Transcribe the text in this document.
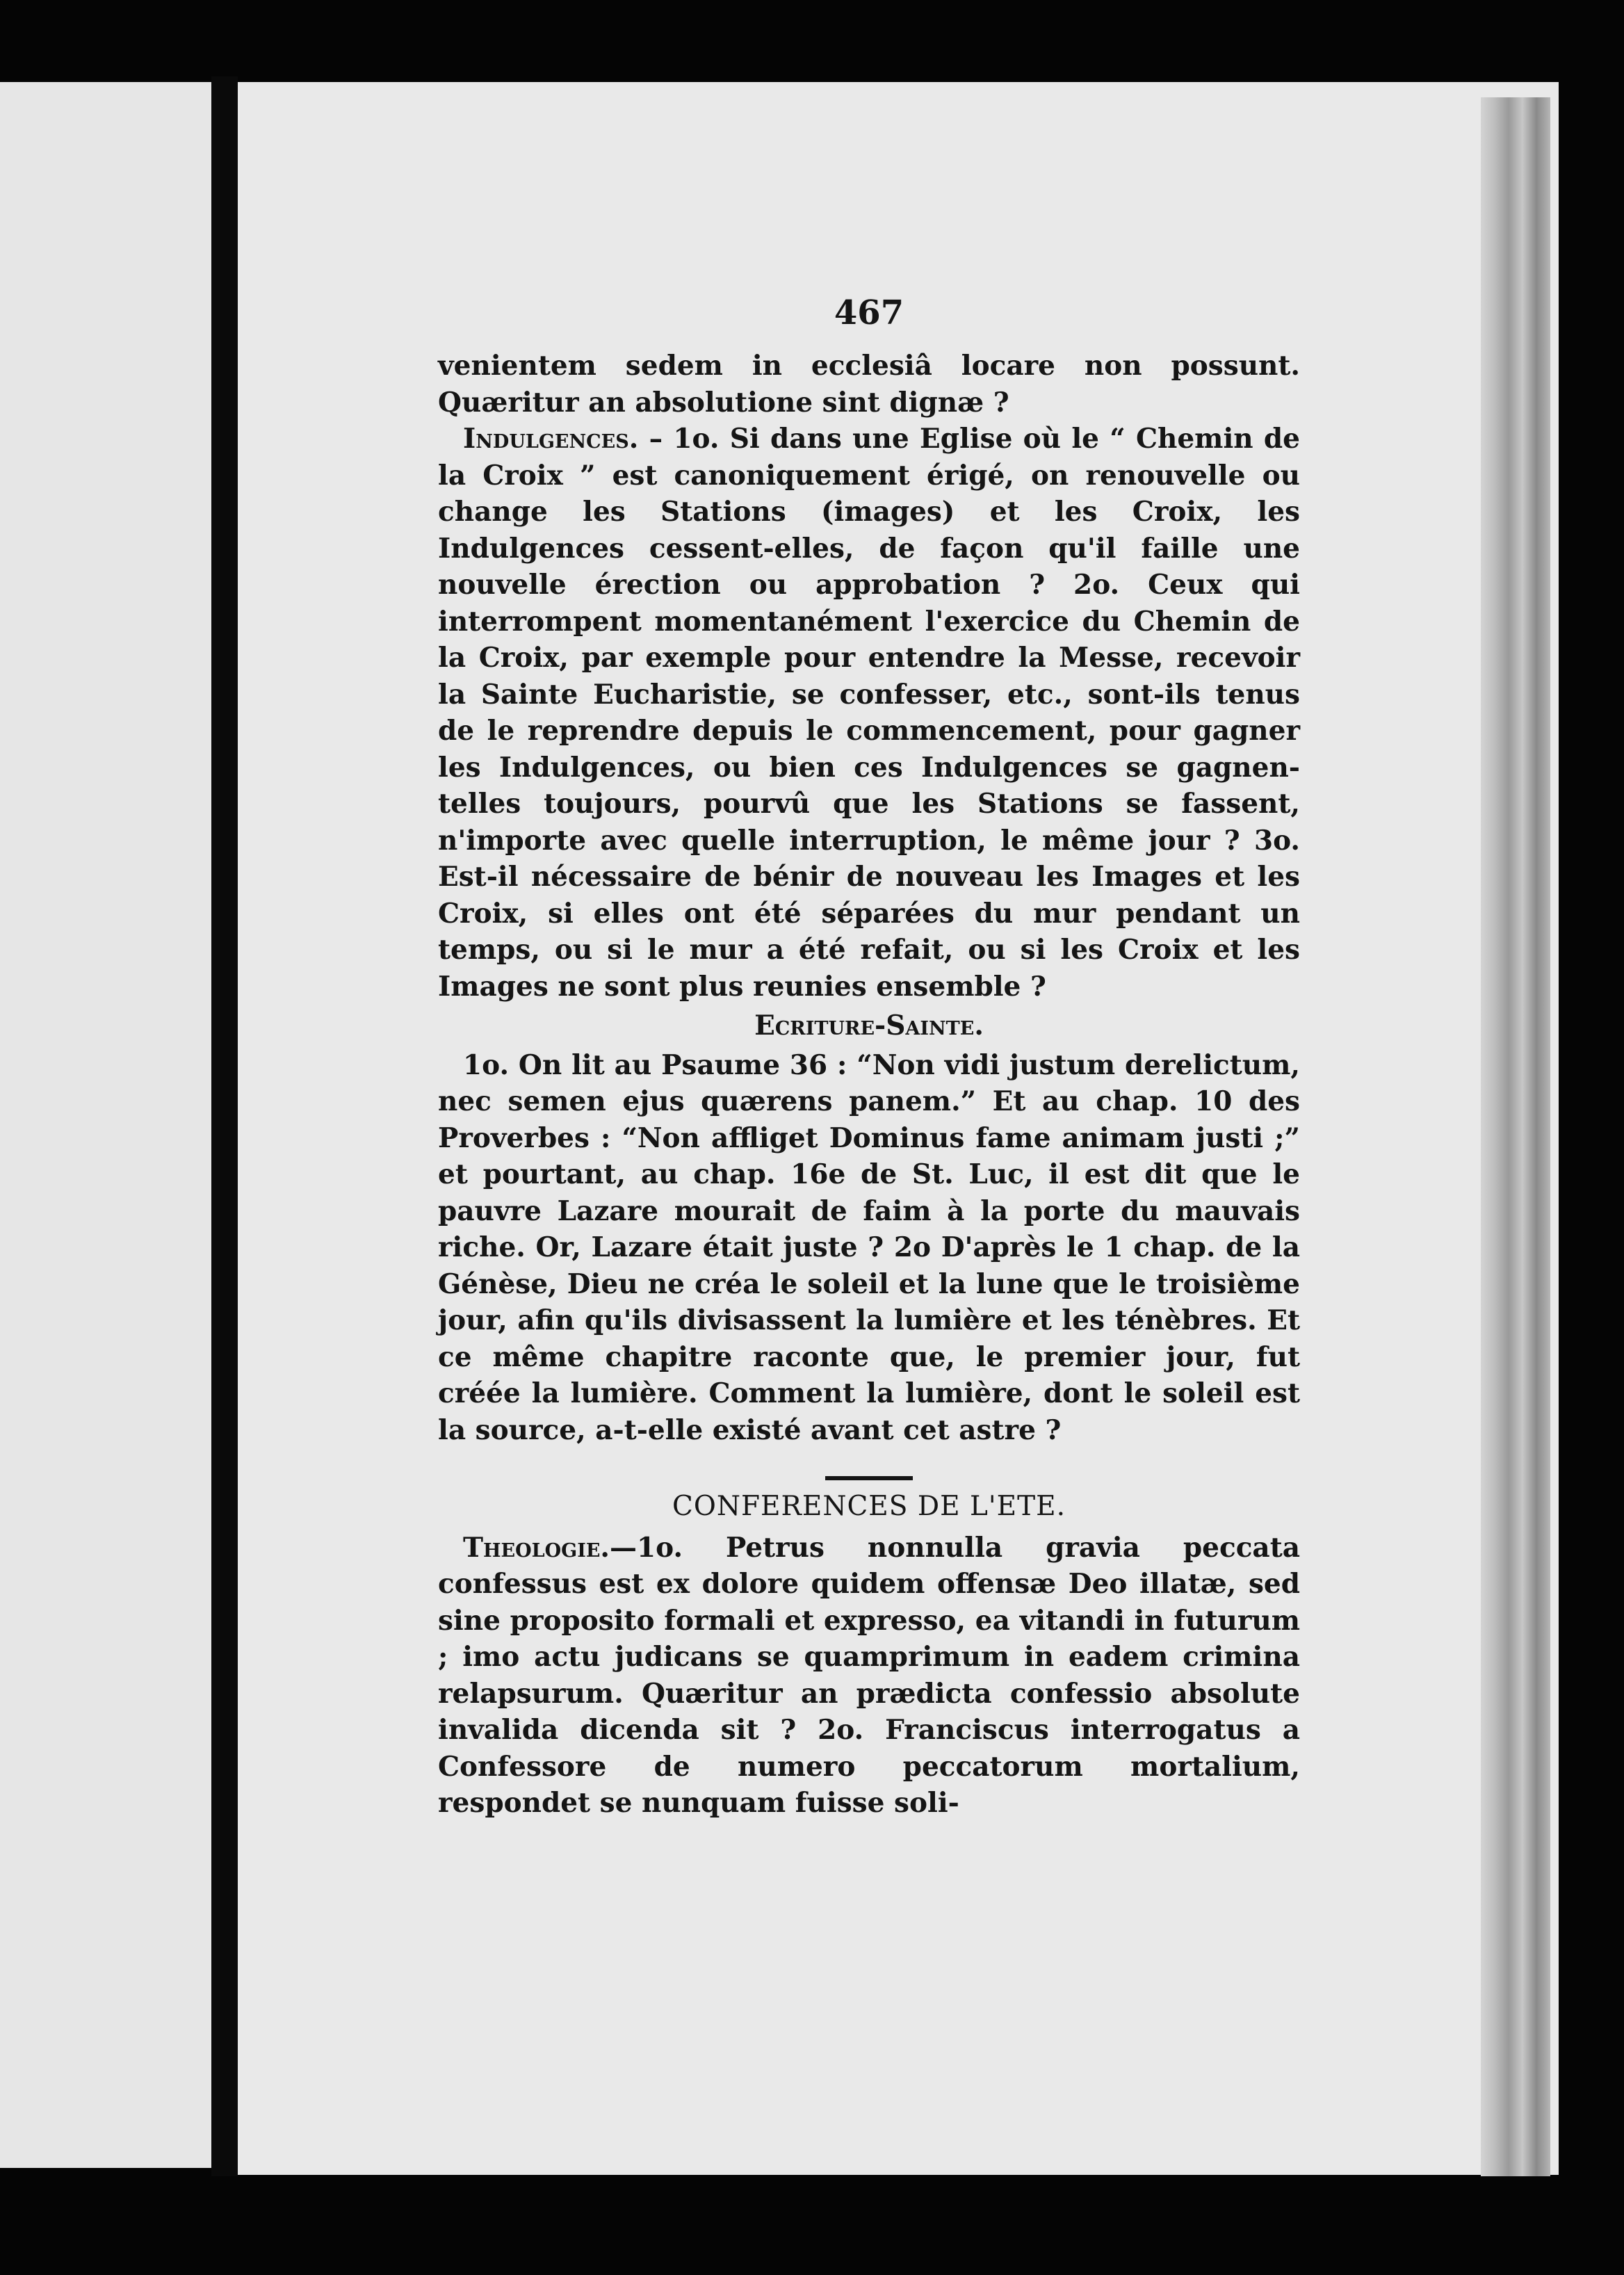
467

venientem sedem in ecclesiâ locare non possunt. Quæritur an absolutione sint dignæ ?

Indulgences. – 1o. Si dans une Eglise où le “ Chemin de la Croix ” est canoniquement érigé, on renouvelle ou change les Stations (images) et les Croix, les Indulgences cessent-elles, de façon qu'il faille une nouvelle érection ou approbation ? 2o. Ceux qui interrompent momentanément l'exercice du Chemin de la Croix, par exemple pour entendre la Messe, recevoir la Sainte Eucharistie, se confesser, etc., sont-ils tenus de le reprendre depuis le commencement, pour gagner les Indulgences, ou bien ces Indulgences se gagnen-telles toujours, pourvû que les Stations se fassent, n'importe avec quelle interruption, le même jour ? 3o. Est-il nécessaire de bénir de nouveau les Images et les Croix, si elles ont été séparées du mur pendant un temps, ou si le mur a été refait, ou si les Croix et les Images ne sont plus reunies ensemble ?

Ecriture-Sainte.

1o. On lit au Psaume 36 : “Non vidi justum derelictum, nec semen ejus quærens panem.” Et au chap. 10 des Proverbes : “Non affliget Dominus fame animam justi ;” et pourtant, au chap. 16e de St. Luc, il est dit que le pauvre Lazare mourait de faim à la porte du mauvais riche. Or, Lazare était juste ? 2o D'après le 1 chap. de la Génèse, Dieu ne créa le soleil et la lune que le troisième jour, afin qu'ils divisassent la lumière et les ténèbres. Et ce même chapitre raconte que, le premier jour, fut créée la lumière. Comment la lumière, dont le soleil est la source, a-t-elle existé avant cet astre ?

CONFERENCES DE L'ETE.

Theologie.—1o. Petrus nonnulla gravia peccata confessus est ex dolore quidem offensæ Deo illatæ, sed sine proposito formali et expresso, ea vitandi in futurum ; imo actu judicans se quamprimum in eadem crimina relapsurum. Quæritur an prædicta confessio absolute invalida dicenda sit ? 2o. Franciscus interrogatus a Confessore de numero peccatorum mortalium, respondet se nunquam fuisse soli-
